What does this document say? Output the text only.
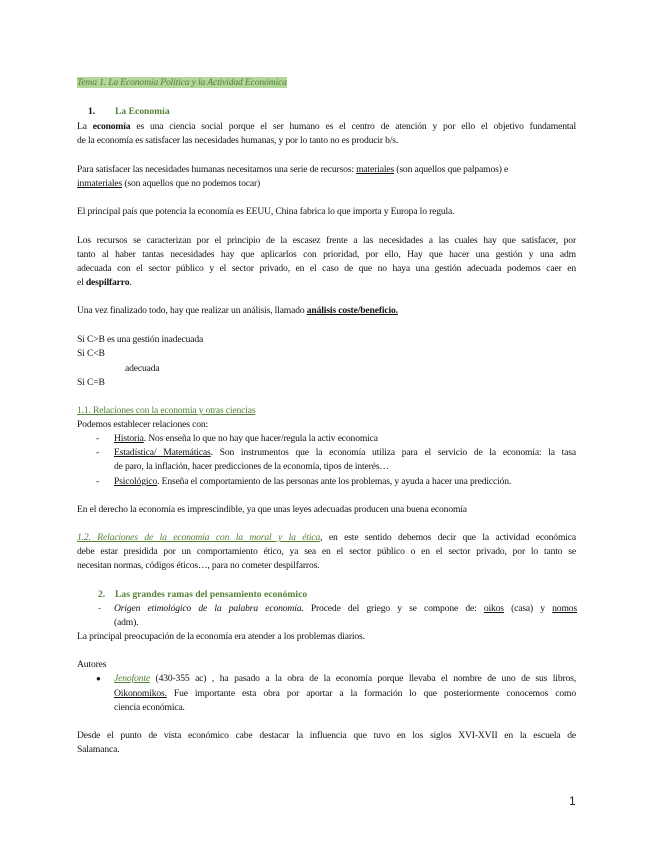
Tema 1. La Economía Política y la Actividad Económica
1. La Economía
La economía es una ciencia social porque el ser humano es el centro de atención y por ello el objetivo fundamental
de la economía es satisfacer las necesidades humanas, y por lo tanto no es producir b/s.
Para satisfacer las necesidades humanas necesitamos una serie de recursos: materiales (son aquellos que palpamos) e
inmateriales (son aquellos que no podemos tocar)
El principal país que potencia la economía es EEUU, China fabrica lo que importa y Europa lo regula.
Los recursos se caracterizan por el principio de la escasez frente a las necesidades a las cuales hay que satisfacer, por
tanto al haber tantas necesidades hay que aplicarlos con prioridad, por ello, Hay que hacer una gestión y una adm
adecuada con el sector público y el sector privado, en el caso de que no haya una gestión adecuada podemos caer en
el despilfarro.
Una vez finalizado todo, hay que realizar un análisis, llamado análisis coste/beneficio.
Si C>B es una gestión inadecuada
Si C<B
adecuada
Si C=B
1.1. Relaciones con la economía y otras ciencias
Podemos establecer relaciones con:
- Historia. Nos enseña lo que no hay que hacer/regula la activ economica
- Estadística/ Matemáticas. Son instrumentos que la economía utiliza para el servicio de la economía: la tasa
de paro, la inflación, hacer predicciones de la economía, tipos de interés…
- Psicológico. Enseña el comportamiento de las personas ante los problemas, y ayuda a hacer una predicción.
En el derecho la economía es imprescindible, ya que unas leyes adecuadas producen una buena economía
1.2. Relaciones de la economía con la moral y la ética, en este sentido debemos decir que la actividad económica
debe estar presidida por un comportamiento ético, ya sea en el sector público o en el sector privado, por lo tanto se
necesitan normas, códigos éticos…, para no cometer despilfarros.
2. Las grandes ramas del pensamiento económico
- Origen etimológico de la palabra economía. Procede del griego y se compone de: oikos (casa) y nomos
(adm).
La principal preocupación de la economía era atender a los problemas diarios.
Autores
● Jenofonte (430-355 ac) , ha pasado a la obra de la economía porque llevaba el nombre de uno de sus libros,
Oikonomikos. Fue importante esta obra por aportar a la formación lo que posteriormente conocemos como
ciencia económica.
Desde el punto de vista económico cabe destacar la influencia que tuvo en los siglos XVI-XVII en la escuela de
Salamanca.
1
